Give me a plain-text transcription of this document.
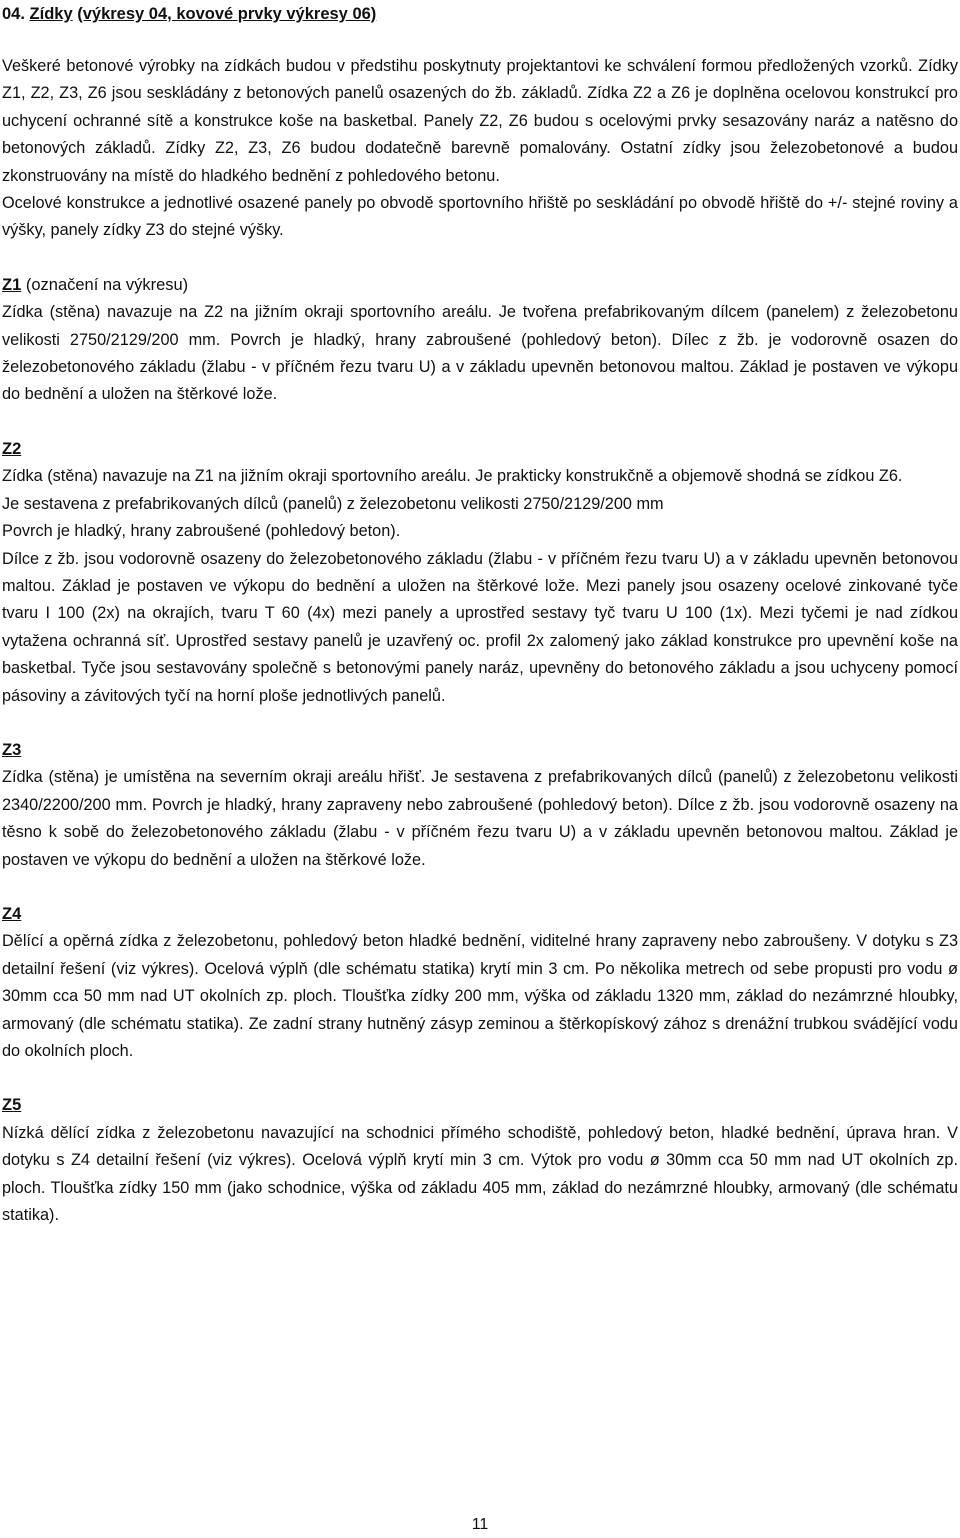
04. Zídky (výkresy 04, kovové prvky výkresy 06)

Veškeré betonové výrobky na zídkách budou v předstihu poskytnuty projektantovi ke schválení formou předložených vzorků. Zídky Z1, Z2, Z3, Z6 jsou seskládány z betonových panelů osazených do žb. základů. Zídka Z2 a Z6 je doplněna ocelovou konstrukcí pro uchycení ochranné sítě a konstrukce koše na basketbal. Panely Z2, Z6 budou s ocelovými prvky sesazovány naráz a natěsno do betonových základů. Zídky Z2, Z3, Z6 budou dodatečně barevně pomalovány. Ostatní zídky jsou železobetonové a budou zkonstruovány na místě do hladkého bednění z pohledového betonu.

Ocelové konstrukce a jednotlivé osazené panely po obvodě sportovního hřiště po seskládání po obvodě hřiště do +/- stejné roviny a výšky, panely zídky Z3 do stejné výšky.

Z1 (označení na výkresu)

Zídka (stěna) navazuje na Z2 na jižním okraji sportovního areálu. Je tvořena prefabrikovaným dílcem (panelem) z železobetonu velikosti 2750/2129/200 mm. Povrch je hladký, hrany zabroušené (pohledový beton). Dílec z žb. je vodorovně osazen do železobetonového základu (žlabu - v příčném řezu tvaru U) a v základu upevněn betonovou maltou. Základ je postaven ve výkopu do bednění a uložen na štěrkové lože.

Z2

Zídka (stěna) navazuje na Z1 na jižním okraji sportovního areálu. Je prakticky konstrukčně a objemově shodná se zídkou Z6.

Je sestavena z prefabrikovaných dílců (panelů) z železobetonu velikosti 2750/2129/200 mm

Povrch je hladký, hrany zabroušené (pohledový beton).

Dílce z žb. jsou vodorovně osazeny do železobetonového základu (žlabu - v příčném řezu tvaru U) a v základu upevněn betonovou maltou. Základ je postaven ve výkopu do bednění a uložen na štěrkové lože. Mezi panely jsou osazeny ocelové zinkované tyče tvaru I 100 (2x) na okrajích, tvaru T 60 (4x) mezi panely a uprostřed sestavy tyč tvaru U 100 (1x). Mezi tyčemi je nad zídkou vytažena ochranná síť. Uprostřed sestavy panelů je uzavřený oc. profil 2x zalomený jako základ konstrukce pro upevnění koše na basketbal. Tyče jsou sestavovány společně s betonovými panely naráz, upevněny do betonového základu a jsou uchyceny pomocí pásoviny a závitových tyčí na horní ploše jednotlivých panelů.

Z3

Zídka (stěna) je umístěna na severním okraji areálu hřišť. Je sestavena z prefabrikovaných dílců (panelů) z železobetonu velikosti 2340/2200/200 mm. Povrch je hladký, hrany zapraveny nebo zabroušené (pohledový beton). Dílce z žb. jsou vodorovně osazeny na těsno k sobě do železobetonového základu (žlabu - v příčném řezu tvaru U) a v základu upevněn betonovou maltou. Základ je postaven ve výkopu do bednění a uložen na štěrkové lože.

Z4

Dělící a opěrná zídka z železobetonu, pohledový beton hladké bednění, viditelné hrany zapraveny nebo zabroušeny. V dotyku s Z3 detailní řešení (viz výkres). Ocelová výplň (dle schématu statika) krytí min 3 cm. Po několika metrech od sebe propusti pro vodu ø 30mm cca 50 mm nad UT okolních zp. ploch. Tloušťka zídky 200 mm, výška od základu 1320 mm, základ do nezámrzné hloubky, armovaný (dle schématu statika). Ze zadní strany hutněný zásyp zeminou a štěrkopískový zához s drenážní trubkou svádějící vodu do okolních ploch.

Z5

Nízká dělící zídka z železobetonu navazující na schodnici přímého schodiště, pohledový beton, hladké bednění, úprava hran. V dotyku s Z4 detailní řešení (viz výkres). Ocelová výplň krytí min 3 cm. Výtok pro vodu ø 30mm cca 50 mm nad UT okolních zp. ploch. Tloušťka zídky 150 mm (jako schodnice, výška od základu 405 mm, základ do nezámrzné hloubky, armovaný (dle schématu statika).

11
